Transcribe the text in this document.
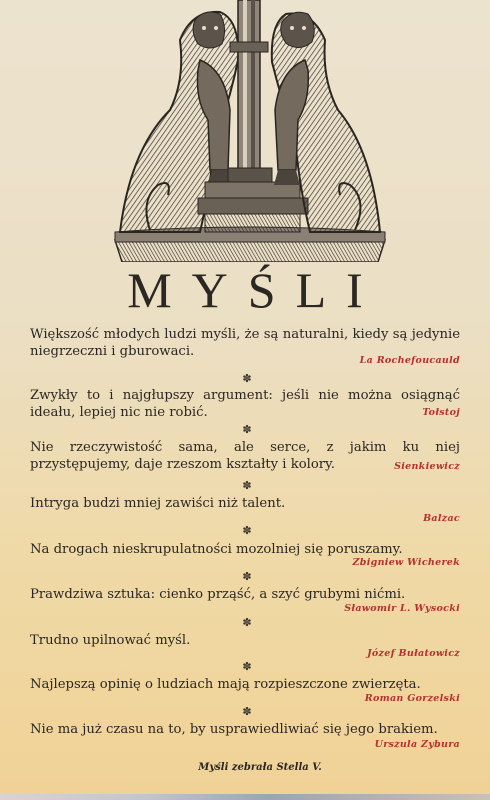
MYŚLI
Większość młodych ludzi myśli, że są naturalni, kiedy są jedynie niegrzeczni i gburowaci.
La Rochefoucauld
✽
Zwykły to i najgłupszy argument: jeśli nie można osiągnąć ideału, lepiej nic nie robić.	Tołstoj
✽
Nie rzeczywistość sama, ale serce, z jakim ku niej przystępujemy, daje rzeszom kształty i kolory.	Sienkiewicz
✽
Intryga budzi mniej zawiści niż talent.
Balzac
✽
Na drogach nieskrupulatności mozolniej się poruszamy.
Zbigniew Wicherek
✽
Prawdziwa sztuka: cienko prząść, a szyć grubymi nićmi.
Sławomir L. Wysocki
✽
Trudno upilnować myśl.
Józef Bułatowicz
✽
Najlepszą opinię o ludziach mają rozpieszczone zwierzęta.
Roman Gorzelski
✽
Nie ma już czasu na to, by usprawiedliwiać się jego brakiem.
Urszula Zybura
Myśli zebrała Stella V.
